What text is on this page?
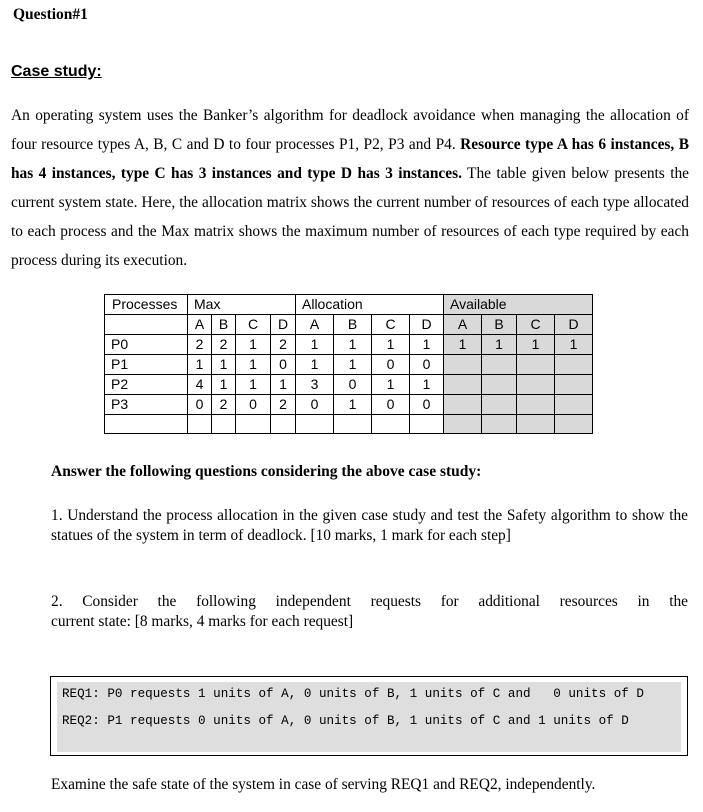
Question#1
Case study:
An operating system uses the Banker’s algorithm for deadlock avoidance when managing the allocation of four resource types A, B, C and D to four processes P1, P2, P3 and P4. Resource type A has 6 instances, B has 4 instances, type C has 3 instances and type D has 3 instances. The table given below presents the current system state. Here, the allocation matrix shows the current number of resources of each type allocated to each process and the Max matrix shows the maximum number of resources of each type required by each process during its execution.
Processes	Max				Allocation				Available			
	A	B	C	D	A	B	C	D	A	B	C	D
P0	2	2	1	2	1	1	1	1	1	1	1	1
P1	1	1	1	0	1	1	0	0				
P2	4	1	1	1	3	0	1	1				
P3	0	2	0	2	0	1	0	0				

Answer the following questions considering the above case study:
1. Understand the process allocation in the given case study and test the Safety algorithm to show the statues of the system in term of deadlock. [10 marks, 1 mark for each step]
2. Consider the following independent requests for additional resources in the
current state: [8 marks, 4 marks for each request]
REQ1: P0 requests 1 units of A, 0 units of B, 1 units of C and   0 units of D
REQ2: P1 requests 0 units of A, 0 units of B, 1 units of C and 1 units of D
Examine the safe state of the system in case of serving REQ1 and REQ2, independently.
